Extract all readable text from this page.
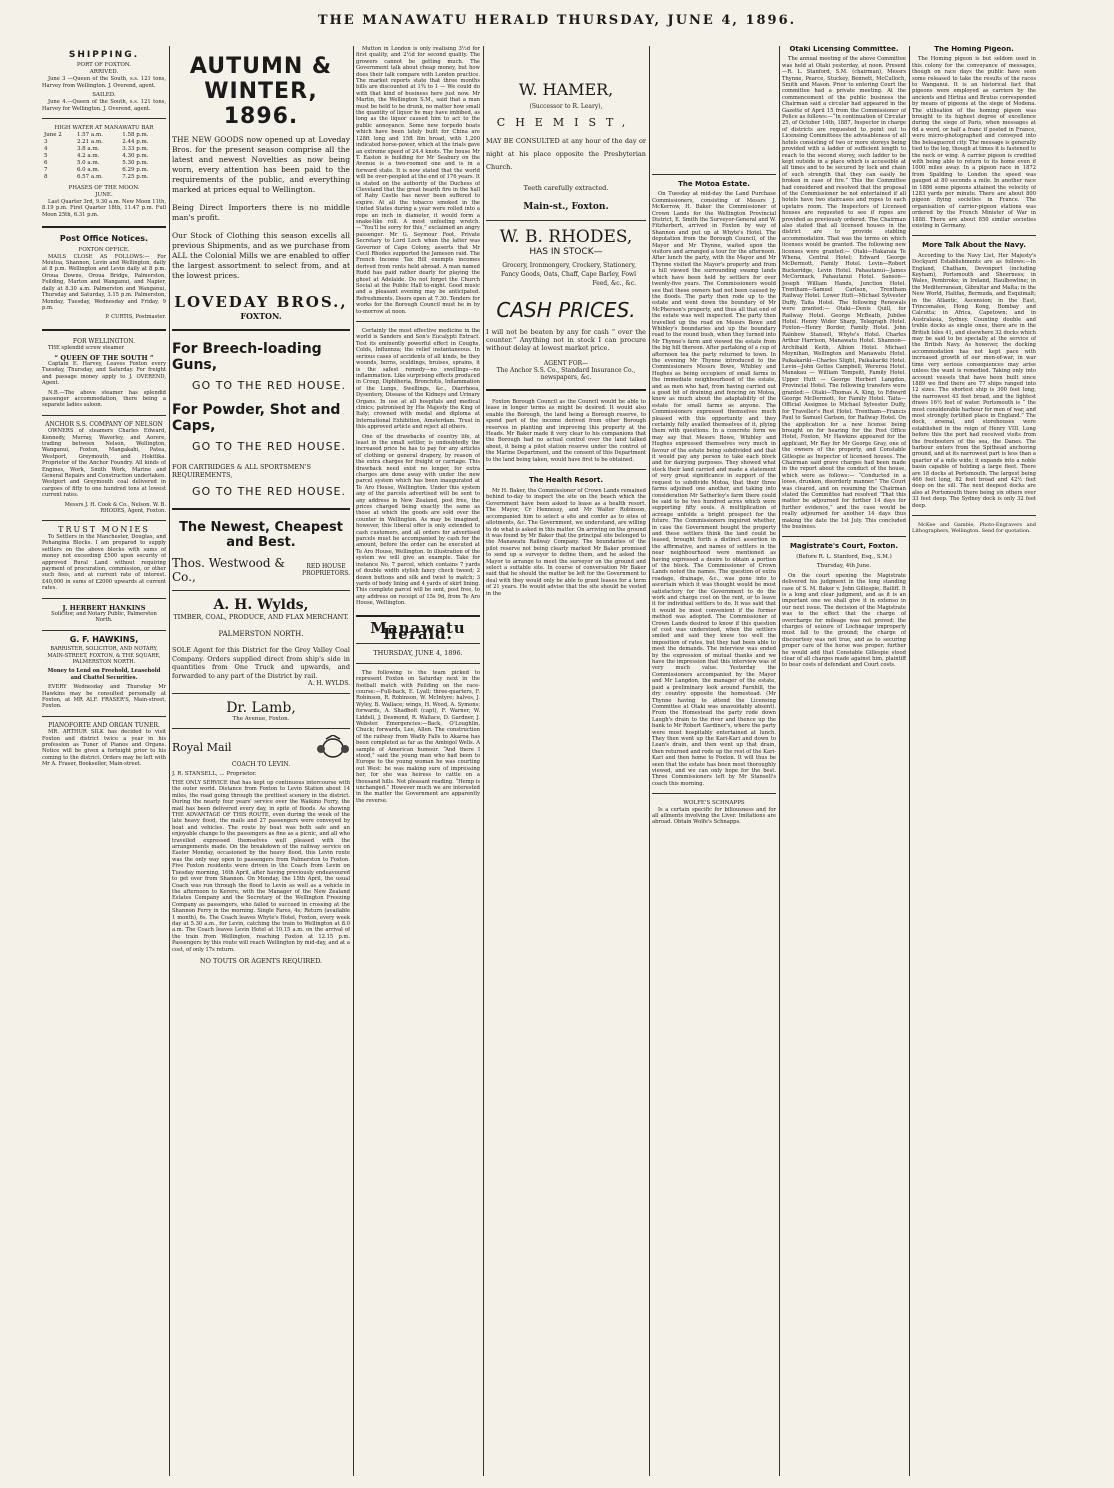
THE MANAWATU HERALD THURSDAY, JUNE 4, 1896.
SHIPPING.
PORT OF FOXTON.
ARRIVED.
June 3 —Queen of the South, s.s. 121 tons, Harvey from Wellington. J. Overend, agent.
SAILED.
June 4.—Queen of the South, s.s. 121 tons, Harvey for Wellington. J. Overend, agent.
HIGH WATER AT MANAWATU BAR
June 2	1.57 a.m.	1.58 p.m.
3	2.21 a.m.	2.44 p.m.
4	3.8 a.m.	3.33 p.m.
5	4.2 a.m.	4.30 p.m.
6	5.0 a.m.	5.30 p.m.
7	6.0 a.m.	6.29 p.m.
8	6.57 a.m.	7.25 p.m.
PHASES OF THE MOON.
JUNE.
Last Quarter 3rd, 9.30 a.m. New Moon 11th, 8.19 p.m. First Quarter 18th, 11.47 p.m. Full Moon 25th, 6.31 p.m.
Post Office Notices.
FOXTON OFFICE.
MAILS CLOSE AS FOLLOWS:— For Moutoa, Shannon, Levin and Wellington, daily at 8 p.m. Wellington and Levin daily at 8 p.m. Oroua Downs, Oroua Bridge, Palmerston, Feilding, Marton and Wanganui, and Napier, daily at 8.30 a.m. Palmerston and Wanganui, Thursday and Saturday, 3.15 p.m. Palmerston, Monday, Tuesday, Wednesday and Friday, 9 p.m.
P. CURTIS, Postmaster.
FOR WELLINGTON.
THE splendid screw steamer
“ QUEEN OF THE SOUTH ”
Captain E. Harvey, Leaves Foxton every Tuesday, Thursday, and Saturday. For freight and passage money apply to J. OVEREND, Agent.
N.B.—The above steamer has splendid passenger accommodation, there being a separate ladies saloon.
ANCHOR S.S. COMPANY OF NELSON
OWNERS of steamers Charles Edward, Kennedy, Murray, Waverley, and Aorere, trading between Nelson, Wellington, Wanganui, Foxton, Mangakahi, Patea, Westport, Greymouth, and Hokitika. Proprietor of the Anchor Foundry. All kinds of Engines, Work, Smith Work, Marine and General Repairs and Construction undertaken. Westport and Greymouth coal delivered in cargoes of fifty to one hundred tons at lowest current rates.
Messrs J. H. Cook & Co., Nelson. W. B. RHODES, Agent, Foxton.
TRUST MONIES
To Settlers in the Manchester, Douglas, and Pohangina Blocks. I am prepared to supply settlers on the above blocks with sums of money not exceeding £500 upon security of approved Rural Land without requiring payment of procuration, commission, or other such fees, and at current rate of interest. £40,000 in sums of £2000 upwards at current rates.
J. HERBERT HANKINS
Solicitor, and Notary Public, Palmerston North.
G. F. HAWKINS,
BARRISTER, SOLICITOR, AND NOTARY, MAIN-STREET, FOXTON, & THE SQUARE, PALMERSTON NORTH.
Money to Lend on Freehold, Leasehold and Chattel Securities.
EVERY Wednesday and Thursday Mr Hawkins may be consulted personally at Foxton, at MR ALF. FRASER'S, Main-street, Foxton.
PIANOFORTE AND ORGAN TUNER.
MR. ARTHUR SILK has decided to visit Foxton and district twice a year in his profession as Tuner of Pianos and Organs. Notice will be given a fortnight prior to his coming to the district. Orders may be left with Mr A. Fraser, Bookseller, Main-street.
AUTUMN & WINTER, 1896.
THE NEW GOODS now opened up at Loveday Bros. for the present season comprise all the latest and newest Novelties as now being worn, every attention has been paid to the requirements of the public, and everything marked at prices equal to Wellington.
Being Direct Importers there is no middle man's profit.
Our Stock of Clothing this season excells all previous Shipments, and as we purchase from ALL the Colonial Mills we are enabled to offer the largest assortment to select from, and at the lowest prices.
LOVEDAY BROS.,
FOXTON.
For Breech-loading Guns,
GO TO THE RED HOUSE.
For Powder, Shot and Caps,
GO TO THE RED HOUSE.
FOR CARTRIDGES & ALL SPORTSMEN'S REQUIREMENTS,
GO TO THE RED HOUSE.
The Newest, Cheapest and Best.
Thos. Westwood & Co.,
RED HOUSE PROPRIETORS.
A. H. Wylds,
TIMBER, COAL, PRODUCE, AND FLAX MERCHANT.
PALMERSTON NORTH.
SOLE Agent for this District for the Grey Valley Coal Company. Orders supplied direct from ship's side in quantities from One Truck and upwards, and forwarded to any part of the District by rail.
A. H. WYLDS.
Dr. Lamb,
The Avenue, Foxton.
Royal Mail
COACH TO LEVIN.
J. R. STANSELL, ... Proprietor.
THE ONLY SERVICE that has kept up continuous intercourse with the outer world. Distance from Foxton to Levin Station about 14 miles, the road going through the prettiest scenery in the district. During the nearly four years' service over the Waikino Ferry, the mail has been delivered every day, in spite of floods. As showing THE ADVANTAGE OF THIS ROUTE, even during the week of the late heavy flood, the mails and 27 passengers were conveyed by boat and vehicles. The route by boat was both safe and an enjoyable change to the passengers as fine as a picnic, and all who travelled expressed themselves well pleased with the arrangements made. On the breakdown of the railway service on Easter Monday, occasioned by the heavy flood, this Levin route was the only way open to passengers from Palmerston to Foxton. Five Foxton residents were driven in the Coach from Levin on Tuesday morning, 16th April, after having previously endeavoured to get over from Shannon. On Monday, the 15th April, the usual Coach was run through the flood to Levin as well as a vehicle in the afternoon to Kereru, with the Manager of the New Zealand Estates Company and the Secretary of the Wellington Freezing Company as passengers, who failed to succeed in crossing at the Shannon Ferry in the morning. Single Fares, 4s; Return (available 1 month), 6s. The Coach leaves Whyte's Hotel, Foxton, every week day at 5.30 a.m., for Levin, catching the train to Wellington at 8.0 a.m. The Coach leaves Levin Hotel at 10.15 a.m. on the arrival of the train from Wellington, reaching Foxton at 12.15 p.m. Passengers by this route will reach Wellington by mid-day, and at a cost, of only 17s return.
NO TOUTS OR AGENTS REQUIRED.
Mutton in London is only realising 3½d for first quality, and 2½d for second quality. The growers cannot be getting much. The Government talk about cheap money, but how does their talk compare with London practice. The market reports state that three months bills are discounted at 1¾ to 1 — We could do with that kind of business here just now. Mr Martin, the Wellington S.M., said that a man must be held to be drunk, no matter how small the quantity of liquor he may have imbibed, as long as the liquor caused him to act to the public annoyance. Some new torpedo boats which have been lately built for China are 128ft long and 15ft 8in broad, with 1,200 indicated horse-power, which at the trials gave an extreme speed of 24.4 knots. The house Mr T. Easton is building for Mr Seabury on the Avenue is a two-roomed one and is in a forward state. It is now stated that the world will be over-peopled at the end of 176 years. It is stated on the authority of the Duchess of Cleveland that the great hearth fire in the hall of Raby Castle has never been suffered to expire. At all the tobacco smoked in the United States during a year were rolled into a rope an inch in diameter, it would form a snake-like roll. A most unfeeling wretch.—“You'll be sorry for this,” exclaimed an angry passenger. Mr G. Seymour Foot, Private Secretary to Lord Loch when the latter was Governor of Cape Colony, asserts that Mr Cecil Rhodes supported the Jameson raid. The French Income Tax Bill exempts incomes derived from rents held abroad. A man named Rudd has paid rather dearly for playing the ghost at Adelaide. Do not forget the Church Social at the Public Hall to-night. Good music and a pleasant evening may be anticipated. Refreshments. Doors open at 7.30. Tenders for works for the Borough Council must be in by to-morrow at noon.
Certainly the most effective medicine in the world is Sanders and Son's Eucalypti Extract. Test its eminently powerful effect in Coughs, Colds, Influenza; the relief instantaneous. In serious cases of accidents of all kinds, be they wounds, burns, scaldings, bruises, sprains, it is the safest remedy—no swellings—no inflammation. Like surprising effects produced in Croup, Diphtheria, Bronchitis, Inflammation of the Lungs, Swellings, &c., Diarrhoea, Dysentery, Disease of the Kidneys and Urinary Organs. In use at all hospitals and medical clinics; patronised by His Majesty the King of Italy; crowned with medal and diploma at International Exhibition, Amsterdam. Trust in this approved article and reject all others.
One of the drawbacks of country life, at least in the small settler, is undoubtedly the increased price he has to pay for any articles of clothing or general drapery, by reason of the extra charges for freight or carriage. This drawback need exist no longer, for extra charges are done away with under the new parcel system which has been inaugurated at Te Aro House, Wellington. Under this system any of the parcels advertised will be sent to any address in New Zealand, post free, the prices charged being exactly the same as those at which the goods are sold over the counter in Wellington. As may be imagined, however, this liberal offer is only extended to cash customers, and all orders for advertised parcels must be accompanied by cash for the amount, before the order can be executed at Te Aro House, Wellington. In illustration of the system we will give an example. Take for instance No. 7 parcel, which contains 7 yards of double width stylish fancy check tweed; 2 dozen buttons and silk and twist to match; 3 yards of body lining and 4 yards of skirt lining. This complete parcel will be sent, post free, to any address on receipt of 15s 9d, from Te Aro House, Wellington.
Manawatu Herald.
THURSDAY, JUNE 4, 1896.
The following is the team picked to represent Foxton on Saturday next in the football match with Feilding on the race-course:—Full-back, E. Lyall; three-quarters, F. Robinson, R. Robinson, W. McIntyre; halves, J. Wyley, B. Wallace; wings, H. Wood, A. Symons; forwards, A. Shadbolt (capt), F. Warner, W. Liddell, J. Desmond, R. Wallace, D. Gardner, J. Webster. Emergencies:—Back, O'Loughlin, Chuck; forwards, Lee, Allen. The construction of the railway from Wadly Falls to Akaroa has been completed as far as the Ambigol Wells. A sample of American humour. “And there I stood,” said the young man who had been to Europe to the young woman he was courting out West: he was making sure of impressing her, for she was heiress to cattle on a thousand hills. Not pleasant reading. “Hemp is unchanged.” However much we are interested in the matter the Government are apparently the reverse.
W. HAMER,
(Successor to R. Leary),
CHEMIST,
MAY BE CONSULTED at any hour of the day or night at his place opposite the Presbyterian Church.
Teeth carefully extracted.
Main-st., Foxton.
W. B. RHODES,
HAS IN STOCK—
Grocery, Ironmongery, Crockery, Stationery, Fancy Goods, Oats, Chaff, Cape Barley, Fowl Feed, &c., &c.
CASH PRICES.
I will not be beaten by any for cash “ over the counter.” Anything not in stock I can procure without delay at lowest market price.
AGENT FOR—
The Anchor S.S. Co., Standard Insurance Co., newspapers, &c.
Foxton Borough Council as the Council would be able to lease in longer terms as might be desired. It would also enable the Borough, the land being a Borough reserve, to spend part of the income derived from other Borough reserves in planting and improving this property at the Heads. Mr Baker made it very clear to his companions that the Borough had no actual control over the land talked about, it being a pilot station reserve under the control of the Marine Department, and the consent of this Department to the land being taken, would have first to be obtained.
The Health Resort.
Mr H. Baker, the Commissioner of Crown Lands remained behind to-day to inspect the site on the beach which the Government have been asked to lease as a health resort. The Mayor, Cr Hennessy, and Mr Walter Robinson, accompanied him to select a site and confer as to sites of allotments, &c. The Government, we understand, are willing to do what is asked in this matter. On arriving on the ground it was found by Mr Baker that the principal site belonged to the Manawatu Railway Company. The boundaries of the pilot reserve not being clearly marked Mr Baker promised to send up a surveyor to define them, and he asked the Mayor to arrange to meet the surveyor on the ground and select a suitable site. In course of conversation Mr Baker said that he should the matter be left for the Government to deal with they would only be able to grant leases for a term of 21 years. He would advise that the site should be vested in the
The Motoa Estate.
On Tuesday at mid-day the Land Purchase Commissioners, consisting of Messrs J. McKerrow, H. Baker the Commissioner of Crown Lands for the Wellington Provincial District, E. Smith the Surveyor-General and W. Fitzherbert, arrived in Foxton by way of Shannon and put up at Whyte's Hotel. The deputation from the Borough Council, of the Mayor and Mr Thynne, waited upon the visitors and arranged a tour for the afternoon. After lunch the party, with the Mayor and Mr Thynne visited the Mayor's property and from a hill viewed the surrounding swamp lands which have been held by settlers for over twenty-five years. The Commissioners would see that these owners had not been caused by the floods. The party then rode up to the estate and went down the boundary of Mr McPherson's property, and thus all that end of the estate was well inspected. The party then travelled up the road on Messrs Bowe and Whibley's boundaries and up the boundary road to the round bush, when they turned into Mr Thynne's farm and viewed the estate from the big hill thereon. After partaking of a cup of afternoon tea the party returned to town. In the evening Mr Thynne introduced to the Commissioners Messrs Bowe, Whibley and Hughes as being occupiers of small farms in the immediate neighbourhood of the estate, and as men who had, from having carried out a good bit of draining and fencing on Motoa, knew as much about the adaptability of the estate for small farms as anyone. The Commissioners expressed themselves much pleased with this opportunity and they certainly fully availed themselves of it, plying them with questions. In a concrete form we may say that Messrs Bowe, Whibley and Hughes expressed themselves very much in favour of the estate being subdivided and that it would pay any person to take each block and for dairying purposes. They showed what stock their land carried and made a statement of very great significance in support of the request to subdivide Motoa, that their three farms adjoined one another, and taking into consideration Mr Satherley's farm there could be said to be two hundred acres which were supporting fifty souls. A multiplication of acreage unfolds a bright prospect for the future. The Commissioners inquired whether, in case the Government bought the property and these settlers think the land could be leased, brought forth a distinct assertion in the affirmative, and names of settlers in the near neighbourhood were mentioned as having expressed a desire to obtain a portion of the block. The Commissioner of Crown Lands noted the names. The question of extra roadage, drainage, &c., was gone into to ascertain which it was thought would be most satisfactory for the Government to do the work and charge cost on the rent, or to leave it for individual settlers to do. It was said that it would be most convenient if the former method was adopted. The Commissioner of Crown Lands desired to know if this question of cost was understood, when the settlers smiled and said they knew too well the imposition of rates, but they had been able to meet the demands. The interview was ended by the expression of mutual thanks and we have the impression that this interview was of very much value. Yesterday the Commissioners accompanied by the Mayor and Mr Langdon, the manager of the estate, paid a preliminary look around Farnhill, the dry country opposite the homestead. (Mr Thynne having to attend the Licensing Committee at Otaki was unavoidably absent). From the Homestead the party rode down Laugh's drain to the river and thence up the bank to Mr Robert Gardiner's, where the party were most hospitably entertained at lunch. They then went up the Kari-Kari and down to Lean's drain, and then went up that drain, then returned and rode up the rest of the Kari-Kari and then home to Foxton. It will thus be seen that the estate has been most thoroughly viewed, and we can only hope for the best. Three Commissioners left by Mr Stansell's coach this morning.
WOLFE'S SCHNAPPS
Is a certain specific for biliousness and for all ailments involving the Liver. Imitations are abroad. Obtain Wolfe's Schnapps.
Otaki Licensing Committee.
The annual meeting of the above Committee was held at Otaki yesterday, at noon. Present—R. L. Stanford, S.M. (chairman), Messrs Thynne, Pearce, Stuckey, Bennett, McCulloch, Smith and Mason. Prior to entering Court the committee had a private meeting. At the commencement of the public business the Chairman said a circular had appeared in the Gazette of April 15 from the Commissioner of Police as follows:—“In continuation of Circular 25, of October 14th, 1887, Inspector in charge of districts are requested to point out to Licensing Committees the advisableness of all hotels consisting of two or more storeys being provided with a ladder of sufficient length to reach to the second storey, such ladder to be kept outside in a place which is accessible at all times and to be secured by lock and chain of such strength that they can easily be broken in case of fire.” This the Committee had considered and resolved that the proposal of the Commissioner be not entertained if all hotels have two staircases and ropes to each upstairs room. The Inspectors of Licensed houses are requested to see if ropes are provided as previously ordered. The Chairman also stated that all licensed houses in the district are to provide stabling accommodation. That was the terms on which licenses would be granted. The following new licenses were granted:— Otaki—Hakaraia Te Whena, Central Hotel; Edward George McDermott, Family Hotel. Levin—Robert Buckeridge, Levin Hotel. Pahautanui—James McCormack, Pahautanui Hotel. Sanson—Joseph William Hands, Junction Hotel. Trentham—Samuel Carlson, Trentham Railway Hotel. Lower Hutt—Michael Sylvester Duffy, Taita Hotel. The following Renewals were granted:— Otaki—Denis Quill, for Railway Hotel. George McBeath, Jubilee Hotel. Henry Wider Sharp, Telegraph Hotel. Foxton—Henry Border, Family Hotel. John Rainbow Stansell, Whyte's Hotel. Charles Arthur Harrison, Manawatu Hotel. Shannon—Archibald Keith, Albion Hotel. Michael Moynihan, Wellington and Manawatu Hotel. Paikakariki—Charles Slight, Paikakariki Hotel. Levin—John Gettes Campbell, Wereroa Hotel. Manakau — William Tompsitt, Family Hotel. Upper Hutt — George Herbert Langdon, Provincial Hotel. The following transfers were granted:— Otaki—Thomas A. King, to Edward George McDermott, for Family Hotel. Taita—Official Assignee to Michael Sylvester Duffy, for Traveller's Rest Hotel. Trentham—Francis Paul to Samuel Carlson, for Railway Hotel. On the application for a new license being brought on for hearing for the Post Office Hotel, Foxton, Mr Hawkins appeared for the applicant, Mr Ray for Mr George Gray, one of the owners of the property, and Constable Gillespie as Inspector of licensed houses. The Chairman said grave charges had been made in the report about the conduct of the house, which were as follows:— “Conducted in a loose, drunken, disorderly manner.” The Court was cleared, and on resuming the Chairman stated the Committee had resolved “That this matter be adjourned for further 14 days for further evidence,” and the case would be really adjourned for another 14 days thus making the date the 1st July. This concluded the business.
Magistrate's Court, Foxton.
(Before R. L. Stanford, Esq., S.M.)
Thursday, 4th June.
On the court opening the Magistrate delivered his judgment in the long standing case of S. M. Baker v. John Gillespie, Bailiff. It is a long and clear judgment, and as it is an important one we shall give it in extenso in our next issue. The decision of the Magistrate was to the effect that the charge of overcharge for mileage was not proved; the charges of seizure of Lochnagar improperly must fall to the ground; the charge of discourtesy was not true, and as to securing proper care of the horse was proper; further he would add that Constable Gillespie stood clear of all charges made against him, plaintiff to bear costs of defendant and Court costs.
The Homing Pigeon.
The Homing pigeon is but seldom used in this colony for the conveyance of messages, though on race days the public have seen some released to take the results of the races to Wanganui. It is an historical fact that pigeons were employed as carriers by the ancients and Hirtius and Brutus corresponded by means of pigeons at the siege of Modena. The utilisation of the homing pigeon was brought to its highest degree of excellence during the siege of Paris, when messages at 6d a word, or half a franc if posted in France, were micro-photographed and conveyed into the beleaguered city. The message is generally tied to the leg, though at times it is fastened to the neck or wing. A carrier pigeon is credited with being able to return to its home even if 1000 miles away. In a pigeon race in 1872 from Spalding to London the speed was gauged at 80 seconds a mile. In another race in 1886 some pigeons attained the velocity of 1283 yards per minute. There are about 800 pigeon flying societies in France. The organisation of carrier-pigeon stations was ordered by the French Minister of War in 1888. There are about 850 similar societies existing in Germany.
More Talk About the Navy.
According to the Navy List, Her Majesty's Dockyard Establishments are as follows:—In England, Chatham, Devonport (including Keyham), Portsmouth and Sheerness; in Wales, Pembroke; in Ireland, Haulbowline; in the Mediterranean, Gibraltar and Malta; in the New World, Halifax, Bermuda, and Esquimalt; in the Atlantic, Ascension; in the East, Trincomalee, Hong Kong, Bombay and Calcutta; in Africa, Capetown; and in Australasia, Sydney. Counting double and treble docks as single ones, there are in the British Isles 41, and elsewhere 32 docks which may be said to be specially at the service of the British Navy. As however, the docking accommodation has not kept pace with increased growth of our men-of-war, in war time very serious consequences may arise unless the want is remedied. Taking only into account vessels that have been built since 1889 we find there are 77 ships ranged into 12 sizes. The shortest ship is 300 feet long, the narrowest 43 feet broad, and the lightest draws 16½ feet of water. Portsmouth is “ the most considerable harbour for men of war, and most strongly fortified place in England.” The dock, arsenal, and storehouses were established in the reign of Henry VIII. Long before this the port had received visits from the freebooters of the sea, the Danes. The harbour enters from the Spithead anchoring ground, and at its narrowest part is less than a quarter of a mile wide; it expands into a noble basin capable of holding a large fleet. There are 18 docks at Portsmouth. The largest being 466 feet long, 82 feet broad and 42½ feet deep on the sill. The next deepest docks are also at Portsmouth there being six others over 33 feet deep. The Sydney dock is only 32 feet deep.
McKee and Gamble, Photo-Engravers and Lithographers, Wellington. Send for quotation.
